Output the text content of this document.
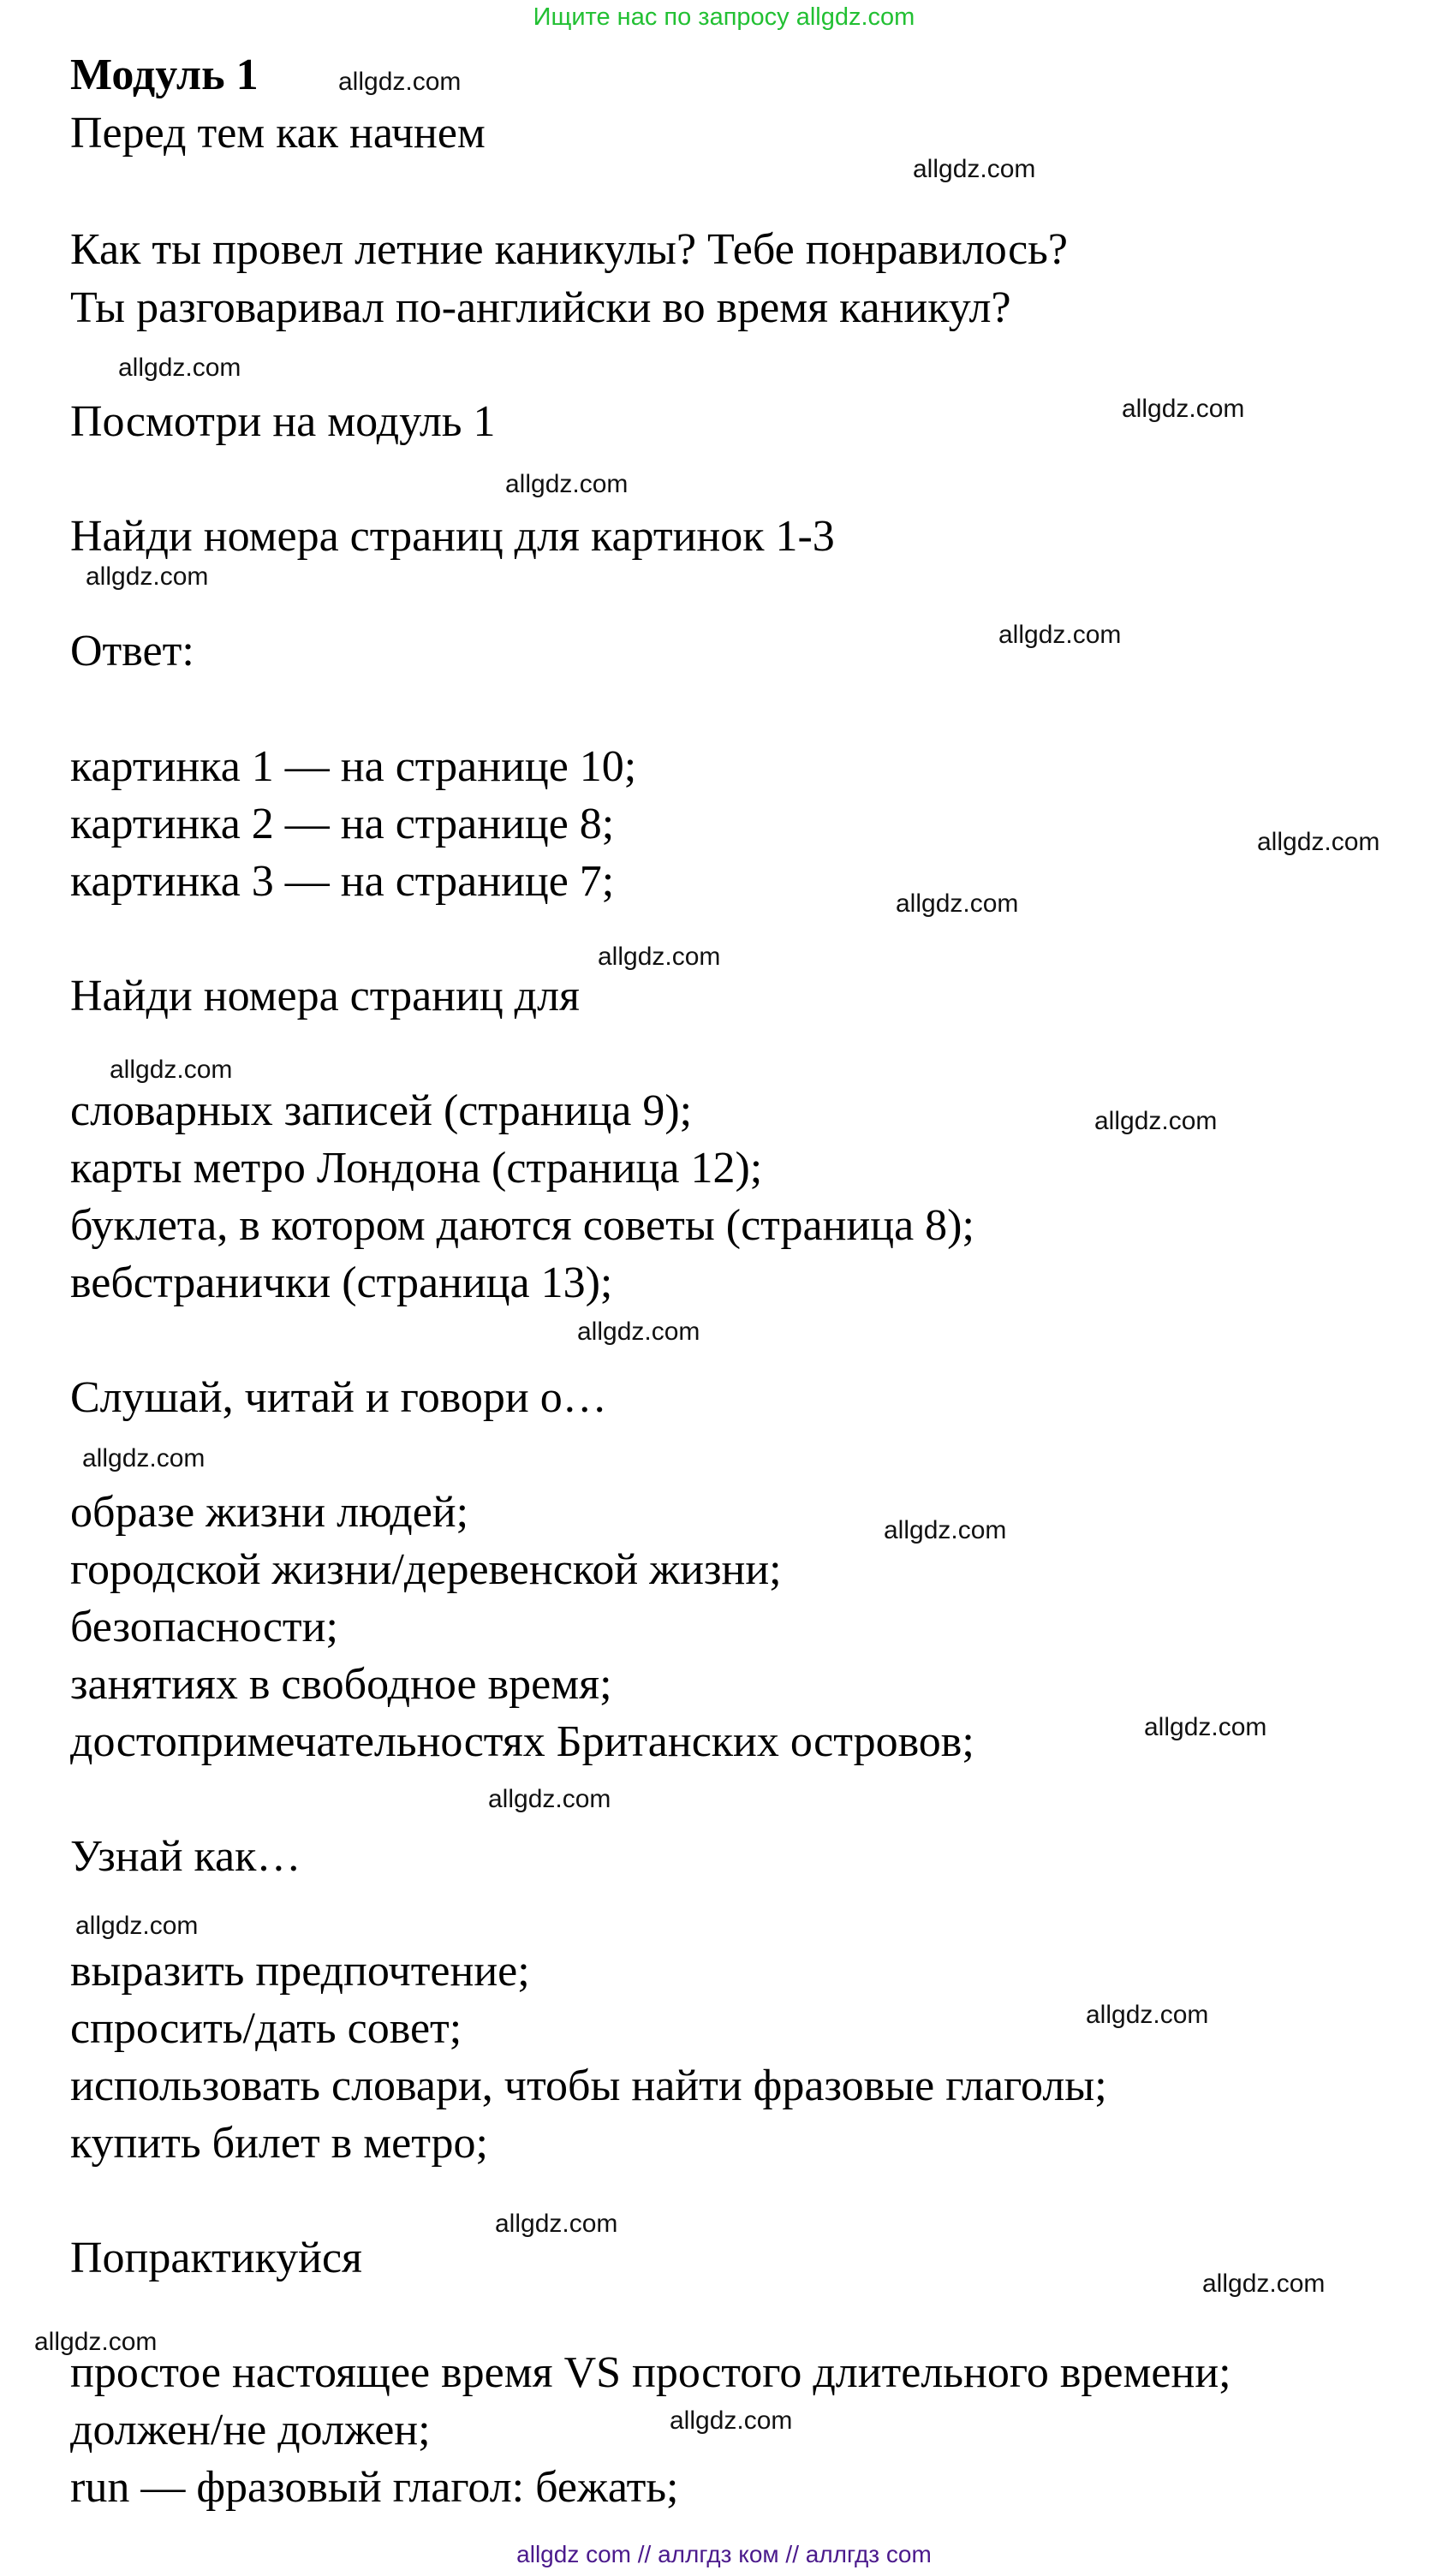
Ищите нас по запросу allgdz.com
Модуль 1
Перед тем как начнем
Как ты провел летние каникулы? Тебе понравилось?
Ты разговаривал по-английски во время каникул?
Посмотри на модуль 1
Найди номера страниц для картинок 1-3
Ответ:
картинка 1 — на странице 10;
картинка 2 — на странице 8;
картинка 3 — на странице 7;
Найди номера страниц для
словарных записей (страница 9);
карты метро Лондона (страница 12);
буклета, в котором даются советы (страница 8);
вебстранички (страница 13);
Слушай, читай и говори о…
образе жизни людей;
городской жизни/деревенской жизни;
безопасности;
занятиях в свободное время;
достопримечательностях Британских островов;
Узнай как…
выразить предпочтение;
спросить/дать совет;
использовать словари, чтобы найти фразовые глаголы;
купить билет в метро;
Попрактикуйся
простое настоящее время VS простого длительного времени;
должен/не должен;
run — фразовый глагол: бежать;
allgdz.com
allgdz.com
allgdz.com
allgdz.com
allgdz.com
allgdz.com
allgdz.com
allgdz.com
allgdz.com
allgdz.com
allgdz.com
allgdz.com
allgdz.com
allgdz.com
allgdz.com
allgdz.com
allgdz.com
allgdz.com
allgdz.com
allgdz.com
allgdz.com
allgdz.com
allgdz.com
allgdz com // аллгдз ком // аллгдз com
